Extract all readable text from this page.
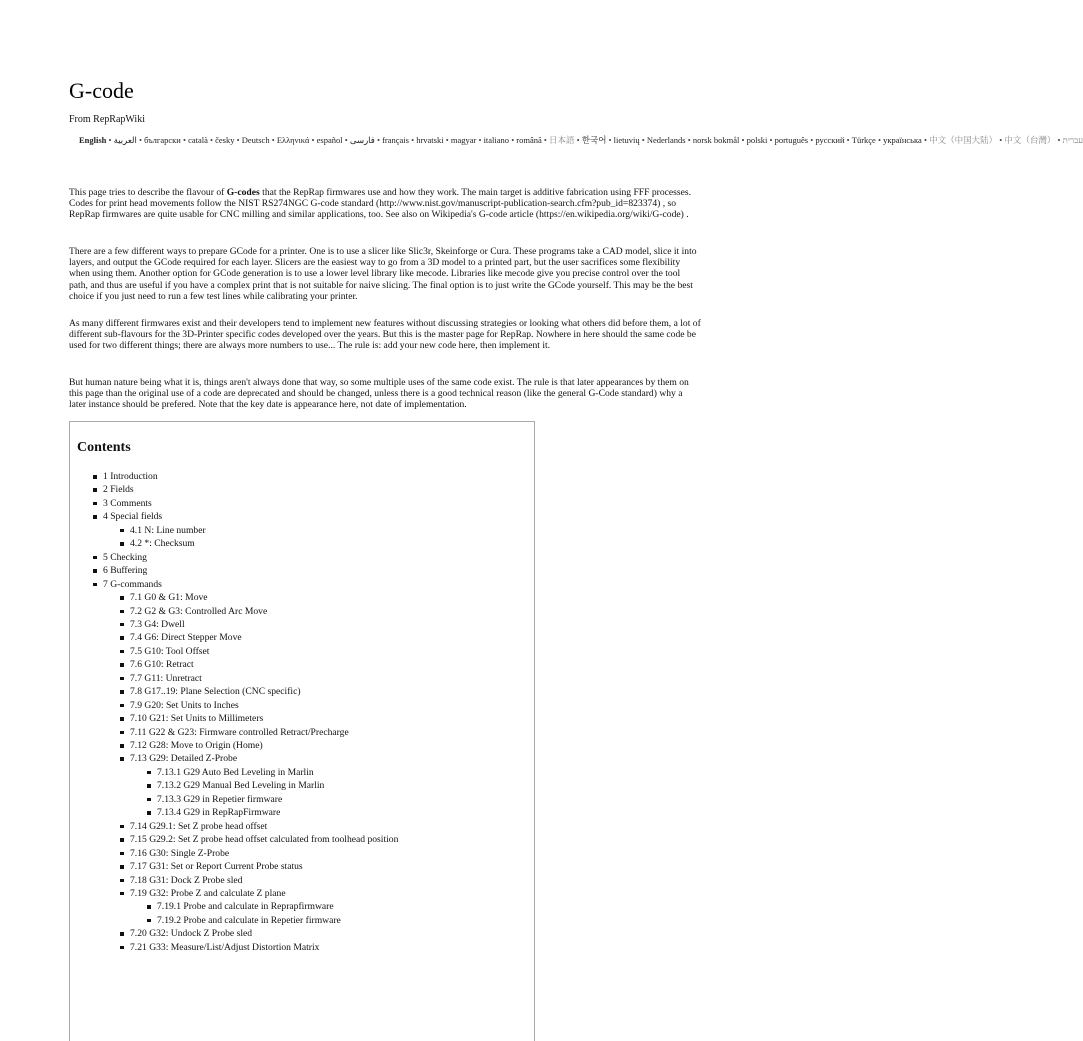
G-code
From RepRapWiki
English • العربية • български • català • česky • Deutsch • Ελληνικά • español • فارسی • français • hrvatski • magyar • italiano • română • 日本語 • 한국어 • lietuvių • Nederlands • norsk bokmål • polski • português • русский • Türkçe • українська • 中文（中国大陆） • 中文（台灣） • עברית

This page tries to describe the flavour of G-codes that the RepRap firmwares use and how they work. The main target is additive fabrication using FFF processes. Codes for print head movements follow the NIST RS274NGC G-code standard (http://www.nist.gov/manuscript-publication-search.cfm?pub_id=823374) , so RepRap firmwares are quite usable for CNC milling and similar applications, too. See also on Wikipedia's G-code article (https://en.wikipedia.org/wiki/G-code) .

There are a few different ways to prepare GCode for a printer. One is to use a slicer like Slic3r, Skeinforge or Cura. These programs take a CAD model, slice it into layers, and output the GCode required for each layer. Slicers are the easiest way to go from a 3D model to a printed part, but the user sacrifices some flexibility when using them. Another option for GCode generation is to use a lower level library like mecode. Libraries like mecode give you precise control over the tool path, and thus are useful if you have a complex print that is not suitable for naive slicing. The final option is to just write the GCode yourself. This may be the best choice if you just need to run a few test lines while calibrating your printer.

As many different firmwares exist and their developers tend to implement new features without discussing strategies or looking what others did before them, a lot of different sub-flavours for the 3D-Printer specific codes developed over the years. But this is the master page for RepRap. Nowhere in here should the same code be used for two different things; there are always more numbers to use... The rule is: add your new code here, then implement it.

But human nature being what it is, things aren't always done that way, so some multiple uses of the same code exist. The rule is that later appearances by them on this page than the original use of a code are deprecated and should be changed, unless there is a good technical reason (like the general G-Code standard) why a later instance should be prefered. Note that the key date is appearance here, not date of implementation.

Contents
1 Introduction
2 Fields
3 Comments
4 Special fields
4.1 N: Line number
4.2 *: Checksum
5 Checking
6 Buffering
7 G-commands
7.1 G0 & G1: Move
7.2 G2 & G3: Controlled Arc Move
7.3 G4: Dwell
7.4 G6: Direct Stepper Move
7.5 G10: Tool Offset
7.6 G10: Retract
7.7 G11: Unretract
7.8 G17..19: Plane Selection (CNC specific)
7.9 G20: Set Units to Inches
7.10 G21: Set Units to Millimeters
7.11 G22 & G23: Firmware controlled Retract/Precharge
7.12 G28: Move to Origin (Home)
7.13 G29: Detailed Z-Probe
7.13.1 G29 Auto Bed Leveling in Marlin
7.13.2 G29 Manual Bed Leveling in Marlin
7.13.3 G29 in Repetier firmware
7.13.4 G29 in RepRapFirmware
7.14 G29.1: Set Z probe head offset
7.15 G29.2: Set Z probe head offset calculated from toolhead position
7.16 G30: Single Z-Probe
7.17 G31: Set or Report Current Probe status
7.18 G31: Dock Z Probe sled
7.19 G32: Probe Z and calculate Z plane
7.19.1 Probe and calculate in Reprapfirmware
7.19.2 Probe and calculate in Repetier firmware
7.20 G32: Undock Z Probe sled
7.21 G33: Measure/List/Adjust Distortion Matrix
